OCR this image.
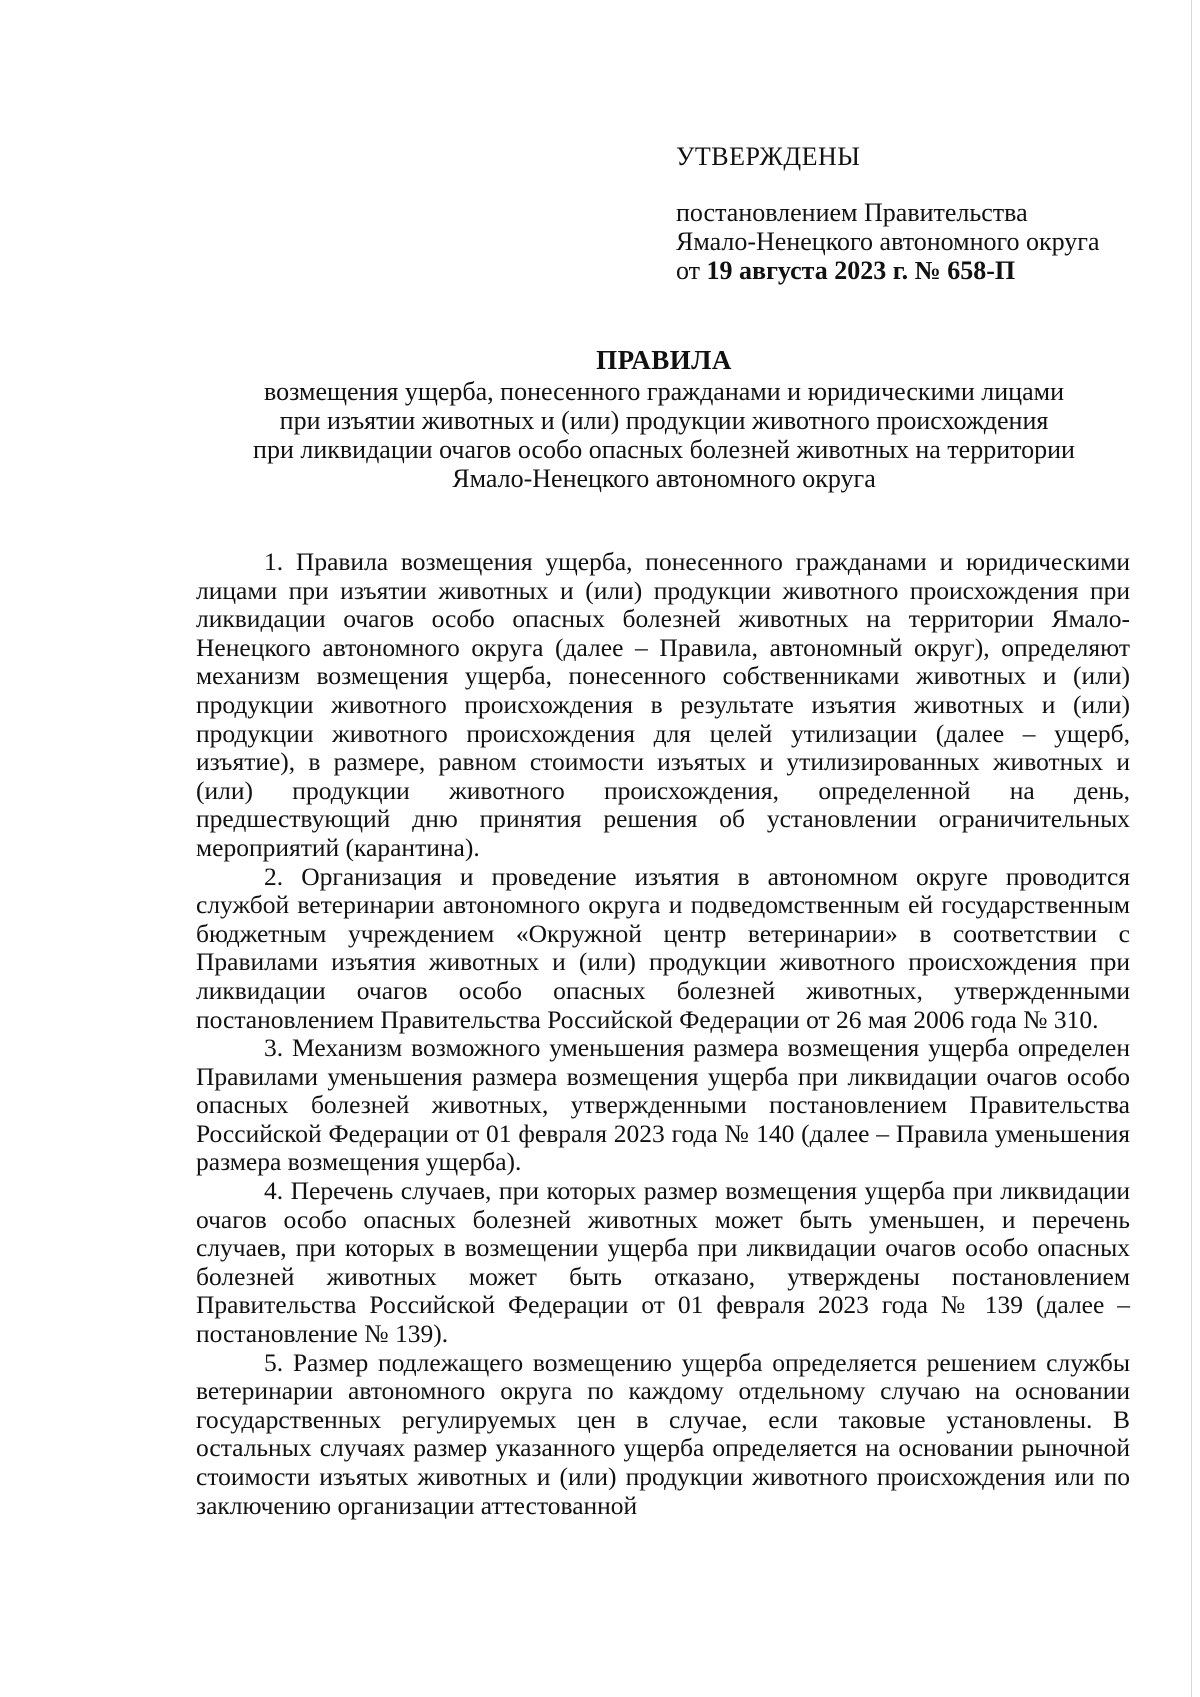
УТВЕРЖДЕНЫ
постановлением Правительства
Ямало-Ненецкого автономного округа
от 19 августа 2023 г. № 658-П
ПРАВИЛА
возмещения ущерба, понесенного гражданами и юридическими лицами
при изъятии животных и (или) продукции животного происхождения
при ликвидации очагов особо опасных болезней животных на территории
Ямало-Ненецкого автономного округа

1. Правила возмещения ущерба, понесенного гражданами и юридическими лицами при изъятии животных и (или) продукции животного происхождения при ликвидации очагов особо опасных болезней животных на территории Ямало-Ненецкого автономного округа (далее – Правила, автономный округ), определяют механизм возмещения ущерба, понесенного собственниками животных и (или) продукции животного происхождения в результате изъятия животных и (или) продукции животного происхождения для целей утилизации (далее – ущерб, изъятие), в размере, равном стоимости изъятых и утилизированных животных и (или) продукции животного происхождения, определенной на день, предшествующий дню принятия решения об установлении ограничительных мероприятий (карантина).

2. Организация и проведение изъятия в автономном округе проводится службой ветеринарии автономного округа и подведомственным ей государственным бюджетным учреждением «Окружной центр ветеринарии» в соответствии с Правилами изъятия животных и (или) продукции животного происхождения при ликвидации очагов особо опасных болезней животных, утвержденными постановлением Правительства Российской Федерации от 26 мая 2006 года № 310.

3. Механизм возможного уменьшения размера возмещения ущерба определен Правилами уменьшения размера возмещения ущерба при ликвидации очагов особо опасных болезней животных, утвержденными постановлением Правительства Российской Федерации от 01 февраля 2023 года № 140 (далее – Правила уменьшения размера возмещения ущерба).

4. Перечень случаев, при которых размер возмещения ущерба при ликвидации очагов особо опасных болезней животных может быть уменьшен, и перечень случаев, при которых в возмещении ущерба при ликвидации очагов особо опасных болезней животных может быть отказано, утверждены постановлением Правительства Российской Федерации от 01 февраля 2023 года № 139 (далее – постановление № 139).

5. Размер подлежащего возмещению ущерба определяется решением службы ветеринарии автономного округа по каждому отдельному случаю на основании государственных регулируемых цен в случае, если таковые установлены. В остальных случаях размер указанного ущерба определяется на основании рыночной стоимости изъятых животных и (или) продукции животного происхождения или по заключению организации аттестованной
